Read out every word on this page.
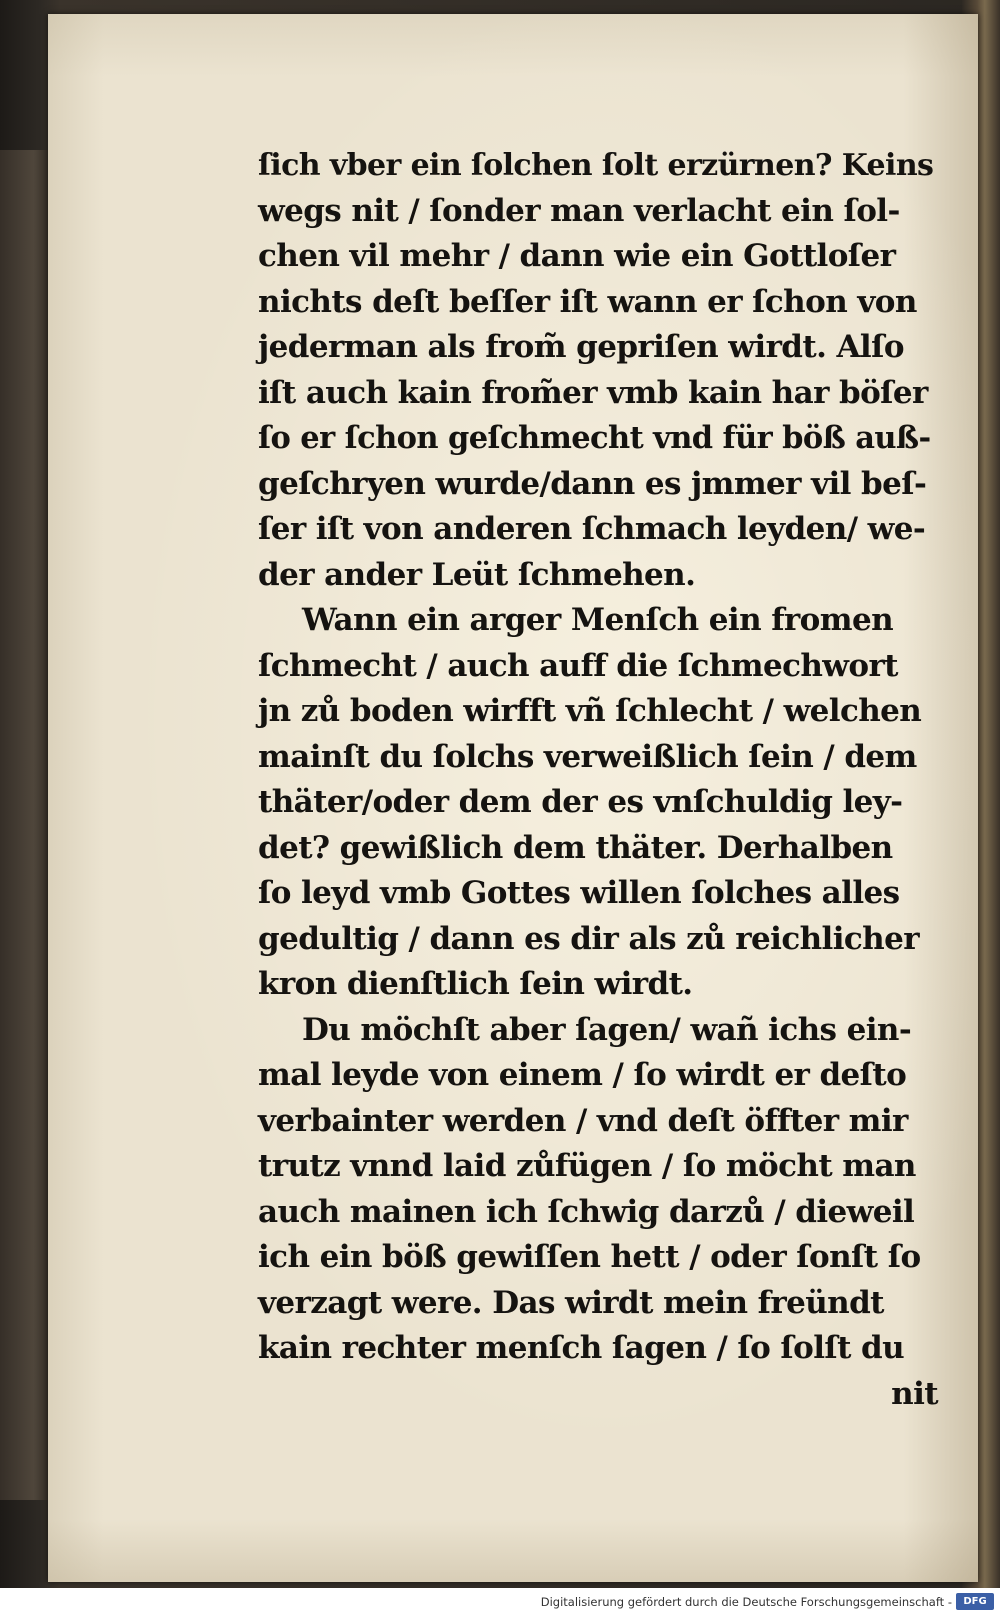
ſich vber ein ſolchen ſolt erzürnen? Keins
wegs nit / ſonder man verlacht ein ſol-
chen vil mehr / dann wie ein Gottloſer
nichts deſt beſſer iſt wann er ſchon von
jederman als from̃ gepriſen wirdt. Alſo
iſt auch kain from̃er vmb kain har böſer
ſo er ſchon geſchmecht vnd für böß auß-
geſchryen wurde/dann es jmmer vil beſ-
ſer iſt von anderen ſchmach leyden/ we-
der ander Leüt ſchmehen.
Wann ein arger Menſch ein fromen
ſchmecht / auch auff die ſchmechwort
jn zů boden wirfft vñ ſchlecht / welchen
mainſt du ſolchs verweißlich ſein / dem
thäter/oder dem der es vnſchuldig ley-
det? gewißlich dem thäter. Derhalben
ſo leyd vmb Gottes willen ſolches alles
gedultig / dann es dir als zů reichlicher
kron dienſtlich ſein wirdt.
Du möchſt aber ſagen/ wañ ichs ein-
mal leyde von einem / ſo wirdt er deſto
verbainter werden / vnd deſt öffter mir
trutz vnnd laid zůfügen / ſo möcht man
auch mainen ich ſchwig darzů / dieweil
ich ein böß gewiſſen hett / oder ſonſt ſo
verzagt were. Das wirdt mein freündt
kain rechter menſch ſagen / ſo ſolſt du
nit
Digitalisierung gefördert durch die Deutsche Forschungsgemeinschaft -	DFG
